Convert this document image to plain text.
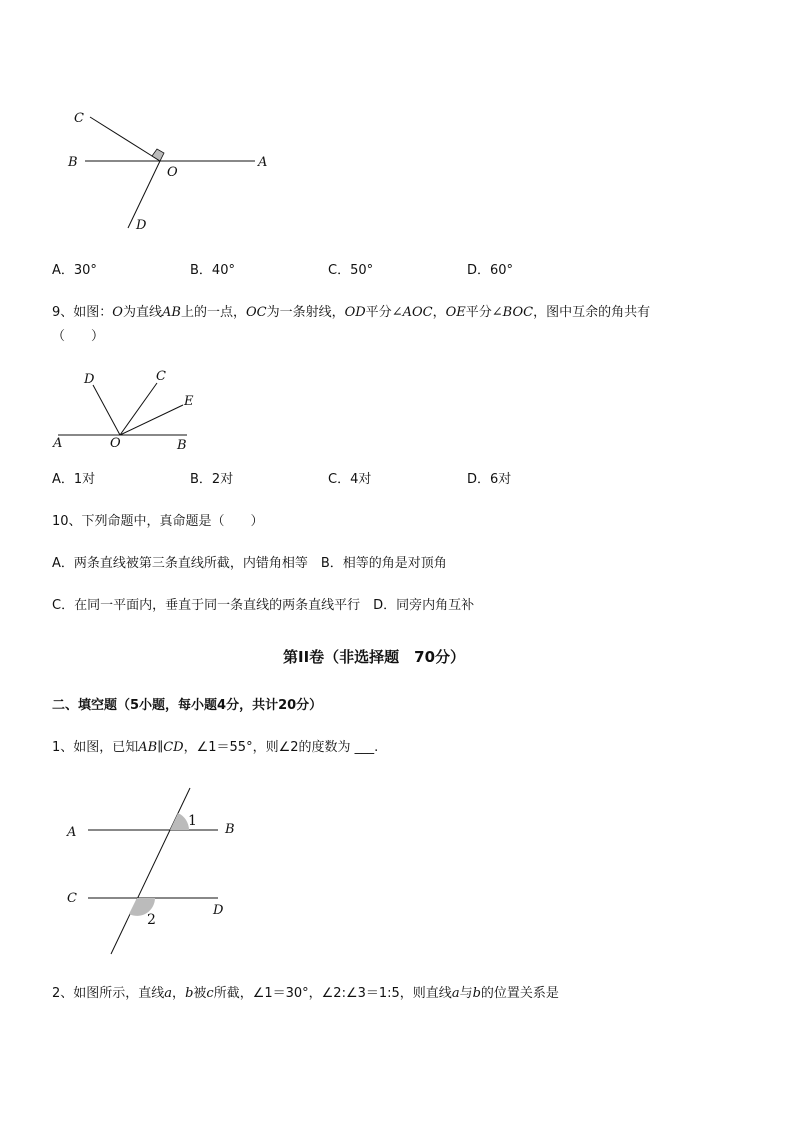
C
B
O
A
D
A．30°	B．40°	C．50°	D．60°
9、如图：O为直线AB上的一点，OC为一条射线，OD平分∠AOC，OE平分∠BOC，图中互余的角共有
（　　）
D	C
E
A	O	B
A．1对	B．2对	C．4对	D．6对
10、下列命题中，真命题是（　　）
A．两条直线被第三条直线所截，内错角相等　B．相等的角是对顶角
C．在同一平面内，垂直于同一条直线的两条直线平行　D．同旁内角互补
第II卷（非选择题　70分）
二、填空题（5小题，每小题4分，共计20分）
1、如图，已知AB∥CD，∠1＝55°，则∠2的度数为 ___.
A	B
C
D
1
2
2、如图所示，直线a，b被c所截，∠1＝30°，∠2:∠3＝1:5，则直线a与b的位置关系是
